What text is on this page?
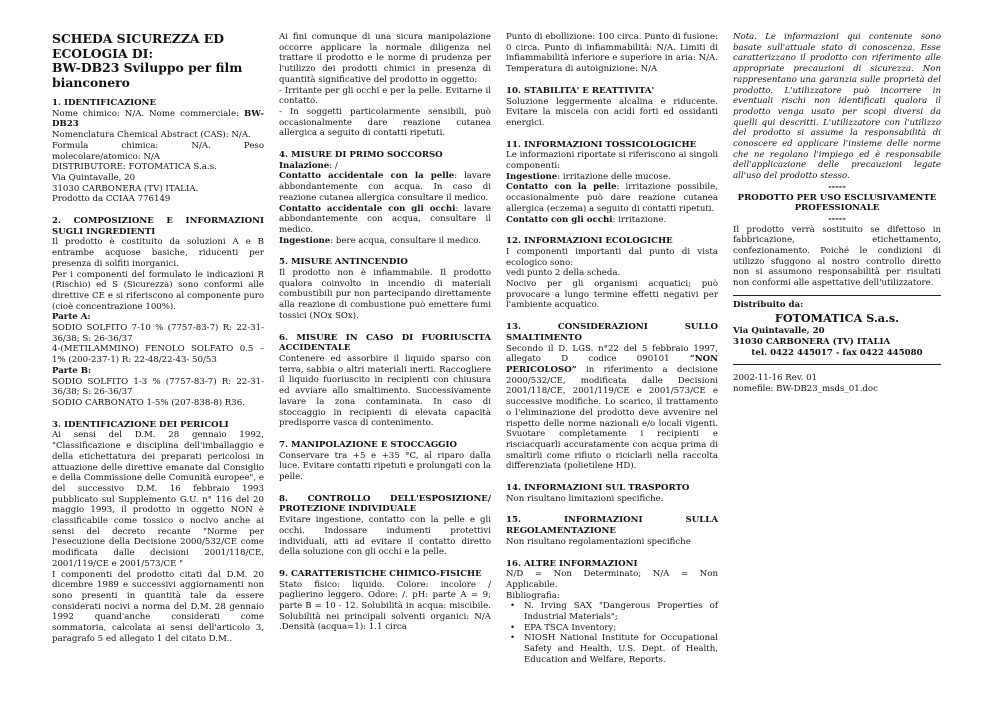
SCHEDA SICUREZZA ED
ECOLOGIA DI:
BW-DB23 Sviluppo per film
bianconero
1. IDENTIFICAZIONE

Nome chimico: N/A. Nome commerciale: BW-DB23

Nomenclatura Chemical Abstract (CAS): N/A.

Formula chimica: N/A. Peso molecolare/atomico: N/A

DISTRIBUTORE: FOTOMATICA S.a.s.

Via Quintavalle, 20

31030 CARBONERA (TV) ITALIA.

Prodotto da CCIAA 776149

2. COMPOSIZIONE E INFORMAZIONI SUGLI INGREDIENTI

Il prodotto è costituito da soluzioni A e B entrambe acquose basiche, riducenti per presenza di solfiti inorganici.

Per i componenti del formulato le indicazioni R (Rischio) ed S (Sicurezza) sono conformi alle direttive CE e si riferiscono al componente puro (cioè concentrazione 100%).

Parte A:

SODIO SOLFITO 7-10 % (7757-83-7) R: 22-31-36/38; S: 26-36/37

4-(METILAMMINO) FENOLO SOLFATO 0.5 – 1% (200-237-1) R: 22-48/22-43- 50/53

Parte B:

SODIO SOLFITO 1-3 % (7757-83-7) R: 22-31-36/38; S: 26-36/37

SODIO CARBONATO 1-5% (207-838-8) R36.

3. IDENTIFICAZIONE DEI PERICOLI

Ai sensi del D.M. 28 gennaio 1992, "Classificazione e disciplina dell'imballaggio e della etichettatura dei preparati pericolosi in attuazione delle direttive emanate dal Consiglio e della Commissione delle Comunità europee", e del successivo D.M. 16 febbraio 1993 pubblicato sul Supplemento G.U. n° 116 del 20 maggio 1993, il prodotto in oggetto NON è classificabile come tossico o nocivo anche ai sensi del decreto recante "Norme per l'esecuzione della Decisione 2000/532/CE come modificata dalle decisioni 2001/118/CE, 2001/119/CE e 2001/573/CE "

I componenti del prodotto citati dal D.M. 20 dicembre 1989 e successivi aggiornamenti non sono presenti in quantità tale da essere considerati nocivi a norma del D.M. 28 gennaio 1992 quand'anche considerati come sommatoria, calcolata ai sensi dell'articolo 3, paragrafo 5 ed allegato 1 del citato D.M..

Ai fini comunque di una sicura manipolazione occorre applicare la normale diligenza nel trattare il prodotto e le norme di prudenza per l'utilizzo dei prodotti chimici in presenza di quantità significative del prodotto in oggetto:

- Irritante per gli occhi e per la pelle. Evitarne il contatto.

- In soggetti particolarmente sensibili, può occasionalmente dare reazione cutanea allergica a seguito di contatti ripetuti.

4. MISURE DI PRIMO SOCCORSO

Inalazione: /

Contatto accidentale con la pelle: lavare abbondantemente con acqua. In caso di reazione cutanea allergica consultare il medico.

Contatto accidentale con gli occhi: lavare abbondantemente con acqua, consultare il medico.

Ingestione: bere acqua, consultare il medico.

5. MISURE ANTINCENDIO

Il prodotto non è infiammabile. Il prodotto qualora coinvolto in incendio di materiali combustibili pur non partecipando direttamente alla reazione di combustione può emettere fumi tossici (NOx SOx).

6. MISURE IN CASO DI FUORIUSCITA ACCIDENTALE

Contenere ed assorbire il liquido sparso con terra, sabbia o altri materiali inerti. Raccogliere il liquido fuoriuscito in recipienti con chiusura ed avviare allo smaltimento. Successivamente lavare la zona contaminata. In caso di stoccaggio in recipienti di elevata capacità predisporre vasca di contenimento.

7. MANIPOLAZIONE E STOCCAGGIO

Conservare tra +5 e +35 °C, al riparo dalla luce. Evitare contatti ripetuti e prolungati con la pelle.

8. CONTROLLO DELL'ESPOSIZIONE/ PROTEZIONE INDIVIDUALE

Evitare ingestione, contatto con la pelle e gli occhi. Indossare indumenti protettivi individuali, atti ad evitare il contatto diretto della soluzione con gli occhi e la pelle.

9. CARATTERISTICHE CHIMICO-FISICHE

Stato fisico: liquido. Colore: incolore / paglierino leggero. Odore: /. pH: parte A = 9; parte B = 10 - 12. Solubilità in acqua: miscibile. Solubilità nei principali solventi organici: N/A .Densità (acqua=1): 1.1 circa

Punto di ebollizione: 100 circa. Punto di fusione: 0 circa. Punto di infiammabilità: N/A. Limiti di infiammabilità inferiore e superiore in aria: N/A. Temperatura di autoignizione: N/A

10. STABILITA' E REATTIVITA'

Soluzione leggermente alcalina e riducente. Evitare la miscela con acidi forti ed ossidanti energici.

11. INFORMAZIONI TOSSICOLOGICHE

Le informazioni riportate si riferiscono ai singoli componenti:

Ingestione: irritazione delle mucose.

Contatto con la pelle: irritazione possibile, occasionalmente può dare reazione cutanea allergica (eczema) a seguito di contatti ripetuti.

Contatto con gli occhi: irritazione.

12. INFORMAZIONI ECOLOGICHE

I componenti importanti dal punto di vista ecologico sono:

vedi punto 2 della scheda.

Nocivo per gli organismi acquatici; può provocare a lungo termine effetti negativi per l'ambiente acquatico.

13. CONSIDERAZIONI SULLO SMALTIMENTO

Secondo il D. LGS. n°22 del 5 febbraio 1997, allegato D codice 090101 “NON PERICOLOSO” in riferimento a decisione 2000/532/CE, modificata dalle Decisioni 2001/118/CE, 2001/119/CE e 2001/573/CE e successive modifiche. Lo scarico, il trattamento o l'eliminazione del prodotto deve avvenire nel rispetto delle norme nazionali e/o locali vigenti. Svuotare completamente i recipienti e risciacquarli accuratamente con acqua prima di smaltirli come rifiuto o riciclarli nella raccolta differenziata (polietilene HD).

14. INFORMAZIONI SUL TRASPORTO

Non risultano limitazioni specifiche.

15. INFORMAZIONI SULLA REGOLAMENTAZIONE

Non risultano regolamentazioni specifiche

16. ALTRE INFORMAZIONI

N/D = Non Determinato; N/A = Non Applicabile.

Bibliografia:

• N. Irving SAX "Dangerous Properties of Industrial Materials";
• EPA TSCA Inventory;
• NIOSH National Institute for Occupational Safety and Health, U.S. Dept. of Health, Education and Welfare, Reports.

Nota. Le informazioni qui contenute sono basate sull'attuale stato di conoscenza. Esse caratterizzano il prodotto con riferimento alle appropriate precauzioni di sicurezza. Non rappresentano una garanzia sulle proprietà del prodotto. L'utilizzatore può incorrere in eventuali rischi non identificati qualora il prodotto venga usato per scopi diversi da quelli qui descritti. L'utilizzatore con l'utilizzo del prodotto si assume la responsabilità di conoscere ed applicare l'insieme delle norme che ne regolano l'impiego ed è responsabile dell'applicazione delle precauzioni legate all'uso del prodotto stesso.

-----

PRODOTTO PER USO ESCLUSIVAMENTE PROFESSIONALE

-----

Il prodotto verrà sostituito se difettoso in fabbricazione, etichettamento, confezionamento. Poiché le condizioni di utilizzo sfuggono al nostro controllo diretto non si assumono responsabilità per risultati non conformi alle aspettative dell'utilizzatore.

Distribuito da:

FOTOMATICA S.a.s.

Via Quintavalle, 20

31030 CARBONERA (TV) ITALIA

tel. 0422 445017 - fax 0422 445080

2002-11-16 Rev. 01

nomefile: BW-DB23_msds_01.doc
